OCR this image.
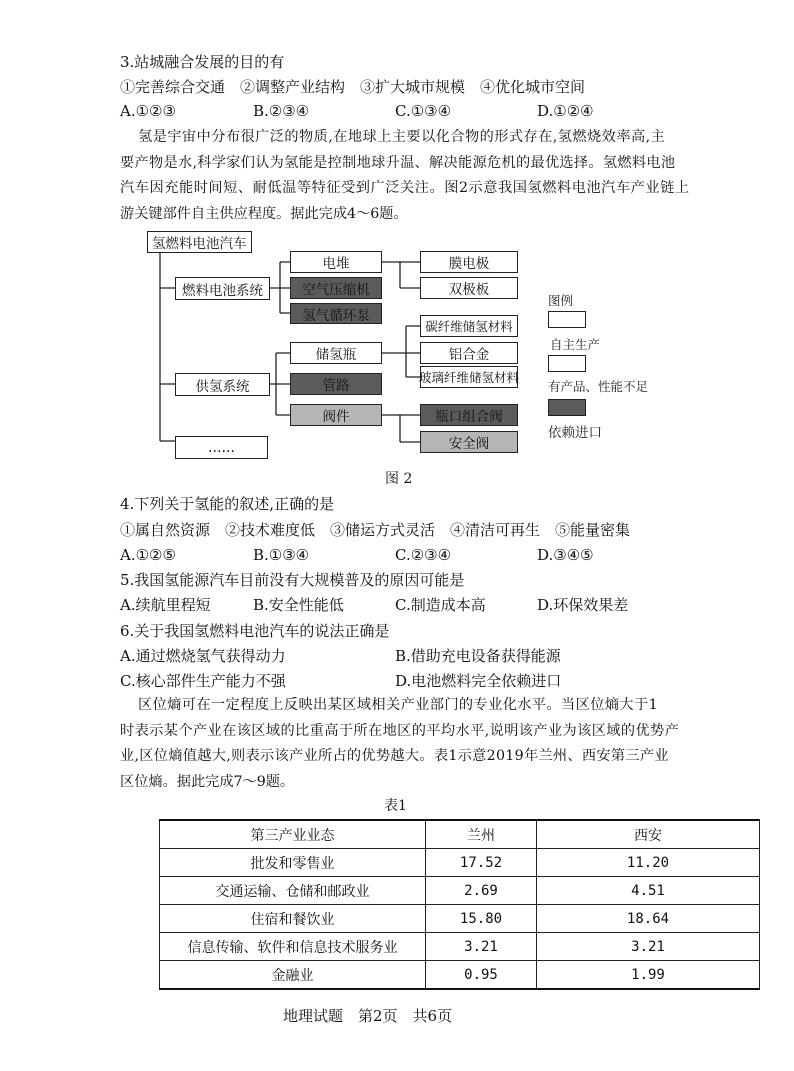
3.站城融合发展的目的有
①完善综合交通　②调整产业结构　③扩大城市规模　④优化城市空间
A.①②③	B.②③④	C.①③④	D.①②④

氢是宇宙中分布很广泛的物质,在地球上主要以化合物的形式存在,氢燃烧效率高,主

要产物是水,科学家们认为氢能是控制地球升温、解决能源危机的最优选择。氢燃料电池

汽车因充能时间短、耐低温等特征受到广泛关注。图2示意我国氢燃料电池汽车产业链上

游关键部件自主供应程度。据此完成4～6题。

氢燃料电池汽车
燃料电池系统
供氢系统
……
电堆
空气压缩机
氢气循环泵
膜电极
双极板
储氢瓶
管路
阀件
碳纤维储氢材料
铝合金
玻璃纤维储氢材料
瓶口组合阀
安全阀
图例
自主生产
有产品、性能不足
依赖进口
图 2
4.下列关于氢能的叙述,正确的是
①属自然资源　②技术难度低　③储运方式灵活　④清洁可再生　⑤能量密集
A.①②⑤	B.①③④	C.②③④	D.③④⑤
5.我国氢能源汽车目前没有大规模普及的原因可能是
A.续航里程短	B.安全性能低	C.制造成本高	D.环保效果差
6.关于我国氢燃料电池汽车的说法正确是
A.通过燃烧氢气获得动力	B.借助充电设备获得能源
C.核心部件生产能力不强	D.电池燃料完全依赖进口

区位熵可在一定程度上反映出某区域相关产业部门的专业化水平。当区位熵大于1

时表示某个产业在该区域的比重高于所在地区的平均水平,说明该产业为该区域的优势产

业,区位熵值越大,则表示该产业所占的优势越大。表1示意2019年兰州、西安第三产业

区位熵。据此完成7～9题。

表1
第三产业业态	兰州	西安
批发和零售业	17.52	11.20
交通运输、仓储和邮政业	2.69	4.51
住宿和餐饮业	15.80	18.64
信息传输、软件和信息技术服务业	3.21	3.21
金融业	0.95	1.99
地理试题　第2页　共6页
